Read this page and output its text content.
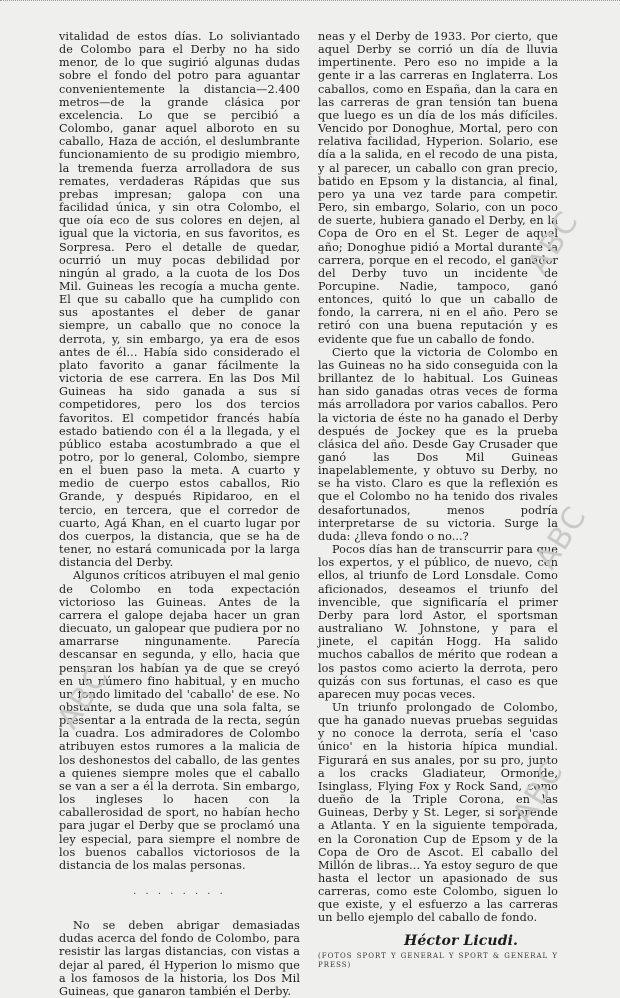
vitalidad de estos días. Lo soliviantado de Colombo para el Derby no ha sido menor, de lo que sugirió algunas dudas sobre el fondo del potro para aguantar convenientemente la distancia—2.400 metros—de la grande clásica por excelencia. Lo que se percibió a Colombo, ganar aquel alboroto en su caballo, Haza de acción, el deslumbrante funcionamiento de su prodigio miembro, la tremenda fuerza arrolladora de sus remates, verdaderas Rápidas que sus prebas impresan; galopa con una facilidad única, y sin otra Colombo, el que oía eco de sus colores en dejen, al igual que la victoria, en sus favoritos, es Sorpresa. Pero el detalle de quedar, ocurrió un muy pocas debilidad por ningún al grado, a la cuota de los Dos Mil. Guineas les recogía a mucha gente. El que su caballo que ha cumplido con sus apostantes el deber de ganar siempre, un caballo que no conoce la derrota, y, sin embargo, ya era de esos antes de él... Había sido considerado el plato favorito a ganar fácilmente la victoria de ese carrera. En las Dos Mil Guineas ha sido ganada a sus sí competidores, pero los dos tercios favoritos. El competidor francés había estado batiendo con él a la llegada, y el público estaba acostumbrado a que el potro, por lo general, Colombo, siempre en el buen paso la meta. A cuarto y medio de cuerpo estos caballos, Rio Grande, y después Ripidaroo, en el tercio, en tercera, que el corredor de cuarto, Agá Khan, en el cuarto lugar por dos cuerpos, la distancia, que se ha de tener, no estará comunicada por la larga distancia del Derby.

Algunos críticos atribuyen el mal genio de Colombo en toda expectación victorioso las Guineas. Antes de la carrera el galope dejaba hacer un gran diecuato, un galopear que pudiera por no amarrarse ningunamente. Parecía descansar en segunda, y ello, hacia que pensaran los habían ya de que se creyó en un número fino habitual, y en mucho un fondo limitado del 'caballo' de ese. No obstante, se duda que una sola falta, se presentar a la entrada de la recta, según la cuadra. Los admiradores de Colombo atribuyen estos rumores a la malicia de los deshonestos del caballo, de las gentes a quienes siempre moles que el caballo se van a ser a él la derrota. Sin embargo, los ingleses lo hacen con la caballerosidad de sport, no habían hecho para jugar el Derby que se proclamó una ley especial, para siempre el nombre de los buenos caballos victoriosos de la distancia de los malas personas.

· · · · · · · ·

No se deben abrigar demasiadas dudas acerca del fondo de Colombo, para resistir las largas distancias, con vistas a dejar al pared, él Hyperion lo mismo que a los famosos de la historia, los Dos Mil Guineas, que ganaron también el Derby.

neas y el Derby de 1933. Por cierto, que aquel Derby se corrió un día de lluvia impertinente. Pero eso no impide a la gente ir a las carreras en Inglaterra. Los caballos, como en España, dan la cara en las carreras de gran tensión tan buena que luego es un día de los más difíciles. Vencido por Donoghue, Mortal, pero con relativa facilidad, Hyperion. Solario, ese día a la salida, en el recodo de una pista, y al parecer, un caballo con gran precio, batido en Epsom y la distancia, al final, pero ya una vez tarde para competir. Pero, sin embargo, Solario, con un poco de suerte, hubiera ganado el Derby, en la Copa de Oro en el St. Leger de aquel año; Donoghue pidió a Mortal durante la carrera, porque en el recodo, el ganador del Derby tuvo un incidente de Porcupine. Nadie, tampoco, ganó entonces, quitó lo que un caballo de fondo, la carrera, ni en el año. Pero se retiró con una buena reputación y es evidente que fue un caballo de fondo.

Cierto que la victoria de Colombo en las Guineas no ha sido conseguida con la brillantez de lo habitual. Los Guineas han sido ganadas otras veces de forma más arrolladora por varios caballos. Pero la victoria de éste no ha ganado el Derby después de Jockey que es la prueba clásica del año. Desde Gay Crusader que ganó las Dos Mil Guineas inapelablemente, y obtuvo su Derby, no se ha visto. Claro es que la reflexión es que el Colombo no ha tenido dos rivales desafortunados, menos podría interpretarse de su victoria. Surge la duda: ¿lleva fondo o no...?

Pocos días han de transcurrir para que los expertos, y el público, de nuevo, con ellos, al triunfo de Lord Lonsdale. Como aficionados, deseamos el triunfo del invencible, que significaría el primer Derby para lord Astor, el sportsman australiano W. Johnstone, y para el jinete, el capitán Hogg. Ha salido muchos caballos de mérito que rodean a los pastos como acierto la derrota, pero quizás con sus fortunas, el caso es que aparecen muy pocas veces.

Un triunfo prolongado de Colombo, que ha ganado nuevas pruebas seguidas y no conoce la derrota, sería el 'caso único' en la historia hípica mundial. Figurará en sus anales, por su pro, junto a los cracks Gladiateur, Ormonde, Isinglass, Flying Fox y Rock Sand, como dueño de la Triple Corona, en las Guineas, Derby y St. Leger, si sorprende a Atlanta. Y en la siguiente temporada, en la Coronation Cup de Epsom y de la Copa de Oro de Ascot. El caballo del Millón de libras... Ya estoy seguro de que hasta el lector un apasionado de sus carreras, como este Colombo, siguen lo que existe, y el esfuerzo a las carreras un bello ejemplo del caballo de fondo.

Héctor Licudi.
(FOTOS SPORT Y GENERAL Y SPORT & GENERAL Y PRESS)
ABC
ABC
ABC
ABC
